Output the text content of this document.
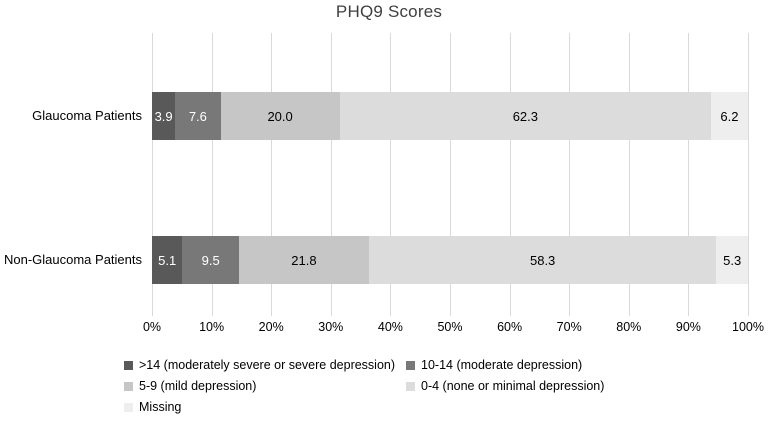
PHQ9 Scores
3.9 7.6	20.0	62.3	6.2
5.1 9.5	21.8	58.3	5.3
Glaucoma Patients
Non-Glaucoma Patients
0%	10%	20%	30%	40%	50%	60%	70%	80%	90%	100%
>14 (moderately severe or severe depression) 10-14 (moderate depression)
5-9 (mild depression)	0-4 (none or minimal depression)
Missing
